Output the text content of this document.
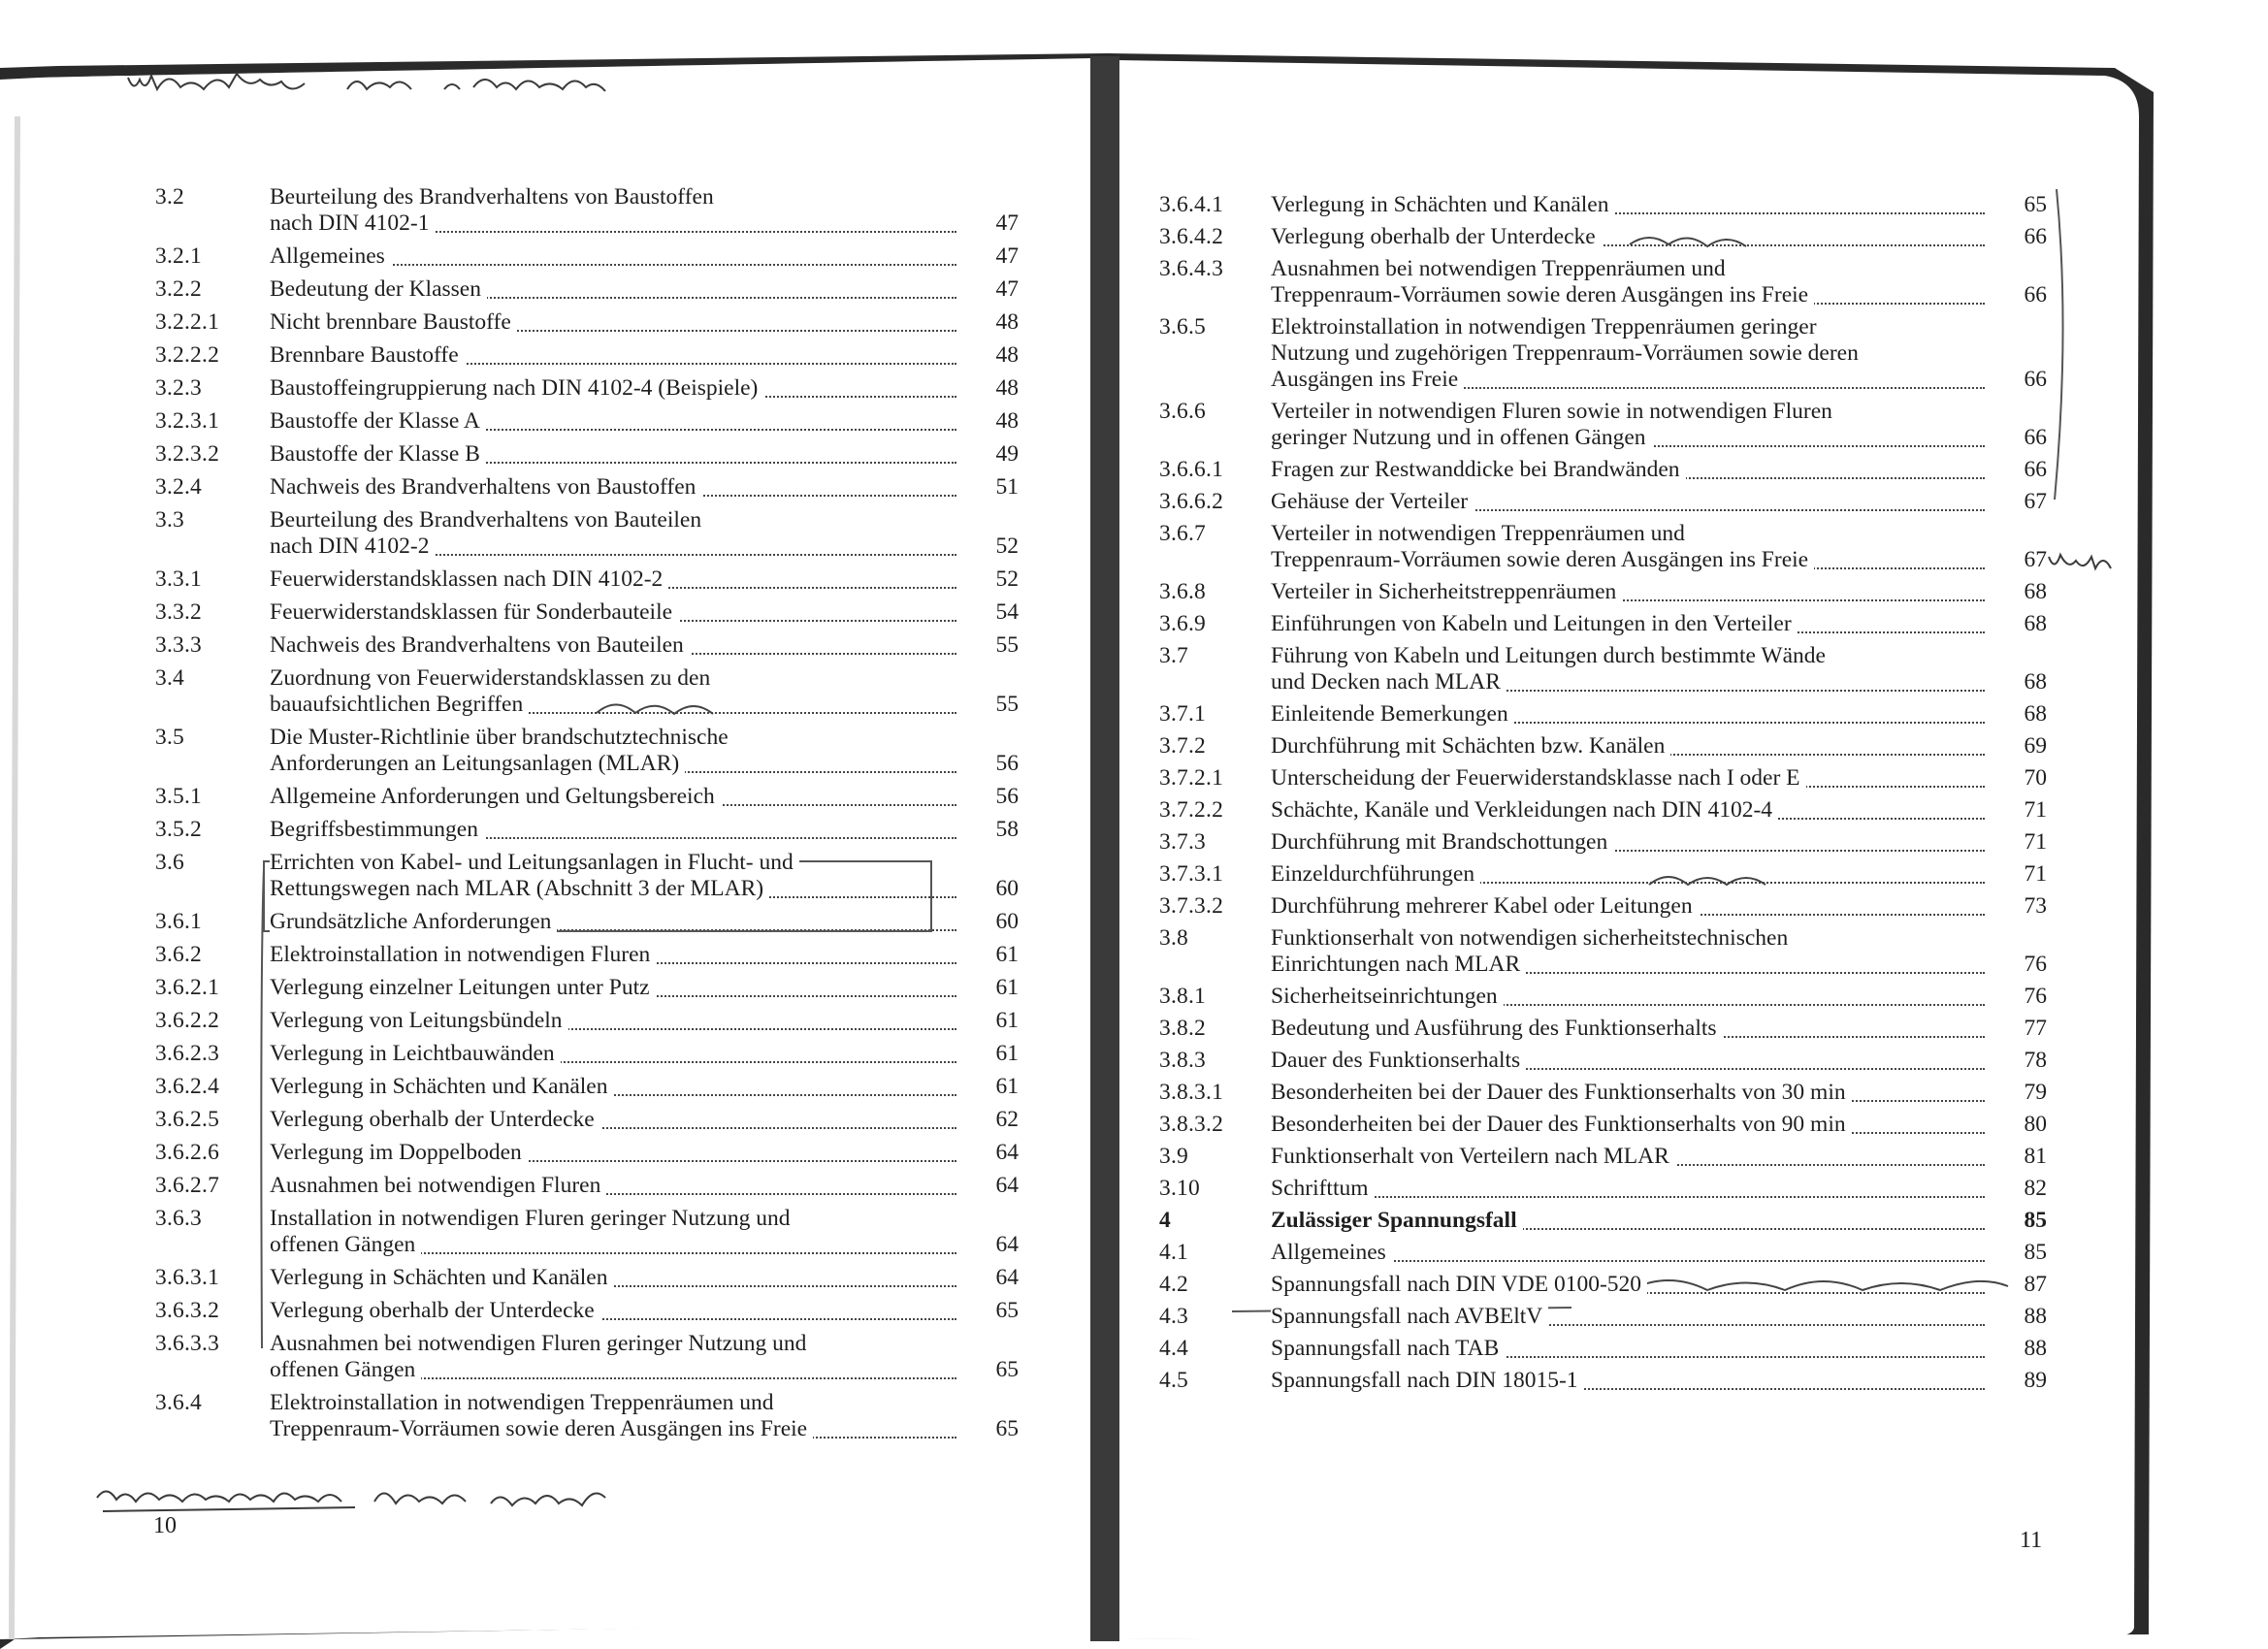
3.2	Beurteilung des Brandverhaltens von Baustoffen
nach DIN 4102-1	47
3.2.1	Allgemeines	47
3.2.2	Bedeutung der Klassen	47
3.2.2.1	Nicht brennbare Baustoffe	48
3.2.2.2	Brennbare Baustoffe	48
3.2.3	Baustoffeingruppierung nach DIN 4102-4 (Beispiele)	48
3.2.3.1	Baustoffe der Klasse A	48
3.2.3.2	Baustoffe der Klasse B	49
3.2.4	Nachweis des Brandverhaltens von Baustoffen	51
3.3	Beurteilung des Brandverhaltens von Bauteilen
nach DIN 4102-2	52
3.3.1	Feuerwiderstandsklassen nach DIN 4102-2	52
3.3.2	Feuerwiderstandsklassen für Sonderbauteile	54
3.3.3	Nachweis des Brandverhaltens von Bauteilen	55
3.4	Zuordnung von Feuerwiderstandsklassen zu den
bauaufsichtlichen Begriffen	55
3.5	Die Muster-Richtlinie über brandschutztechnische
Anforderungen an Leitungsanlagen (MLAR)	56
3.5.1	Allgemeine Anforderungen und Geltungsbereich	56
3.5.2	Begriffsbestimmungen	58
3.6	Errichten von Kabel- und Leitungsanlagen in Flucht- und
Rettungswegen nach MLAR (Abschnitt 3 der MLAR)	60
3.6.1	Grundsätzliche Anforderungen	60
3.6.2	Elektroinstallation in notwendigen Fluren	61
3.6.2.1	Verlegung einzelner Leitungen unter Putz	61
3.6.2.2	Verlegung von Leitungsbündeln	61
3.6.2.3	Verlegung in Leichtbauwänden	61
3.6.2.4	Verlegung in Schächten und Kanälen	61
3.6.2.5	Verlegung oberhalb der Unterdecke	62
3.6.2.6	Verlegung im Doppelboden	64
3.6.2.7	Ausnahmen bei notwendigen Fluren	64
3.6.3	Installation in notwendigen Fluren geringer Nutzung und
offenen Gängen	64
3.6.3.1	Verlegung in Schächten und Kanälen	64
3.6.3.2	Verlegung oberhalb der Unterdecke	65
3.6.3.3	Ausnahmen bei notwendigen Fluren geringer Nutzung und
offenen Gängen	65
3.6.4	Elektroinstallation in notwendigen Treppenräumen und
Treppenraum-Vorräumen sowie deren Ausgängen ins Freie	65
10
3.6.4.1	Verlegung in Schächten und Kanälen	65
3.6.4.2	Verlegung oberhalb der Unterdecke	66
3.6.4.3	Ausnahmen bei notwendigen Treppenräumen und
Treppenraum-Vorräumen sowie deren Ausgängen ins Freie	66
3.6.5	Elektroinstallation in notwendigen Treppenräumen geringer
Nutzung und zugehörigen Treppenraum-Vorräumen sowie deren
Ausgängen ins Freie	66
3.6.6	Verteiler in notwendigen Fluren sowie in notwendigen Fluren
geringer Nutzung und in offenen Gängen	66
3.6.6.1	Fragen zur Restwanddicke bei Brandwänden	66
3.6.6.2	Gehäuse der Verteiler	67
3.6.7	Verteiler in notwendigen Treppenräumen und
Treppenraum-Vorräumen sowie deren Ausgängen ins Freie	67
3.6.8	Verteiler in Sicherheitstreppenräumen	68
3.6.9	Einführungen von Kabeln und Leitungen in den Verteiler	68
3.7	Führung von Kabeln und Leitungen durch bestimmte Wände
und Decken nach MLAR	68
3.7.1	Einleitende Bemerkungen	68
3.7.2	Durchführung mit Schächten bzw. Kanälen	69
3.7.2.1	Unterscheidung der Feuerwiderstandsklasse nach I oder E	70
3.7.2.2	Schächte, Kanäle und Verkleidungen nach DIN 4102-4	71
3.7.3	Durchführung mit Brandschottungen	71
3.7.3.1	Einzeldurchführungen	71
3.7.3.2	Durchführung mehrerer Kabel oder Leitungen	73
3.8	Funktionserhalt von notwendigen sicherheitstechnischen
Einrichtungen nach MLAR	76
3.8.1	Sicherheitseinrichtungen	76
3.8.2	Bedeutung und Ausführung des Funktionserhalts	77
3.8.3	Dauer des Funktionserhalts	78
3.8.3.1	Besonderheiten bei der Dauer des Funktionserhalts von 30 min	79
3.8.3.2	Besonderheiten bei der Dauer des Funktionserhalts von 90 min	80
3.9	Funktionserhalt von Verteilern nach MLAR	81
3.10	Schrifttum	82
4	Zulässiger Spannungsfall	85
4.1	Allgemeines	85
4.2	Spannungsfall nach DIN VDE 0100-520	87
4.3	Spannungsfall nach AVBEltV	88
4.4	Spannungsfall nach TAB	88
4.5	Spannungsfall nach DIN 18015-1	89
11
